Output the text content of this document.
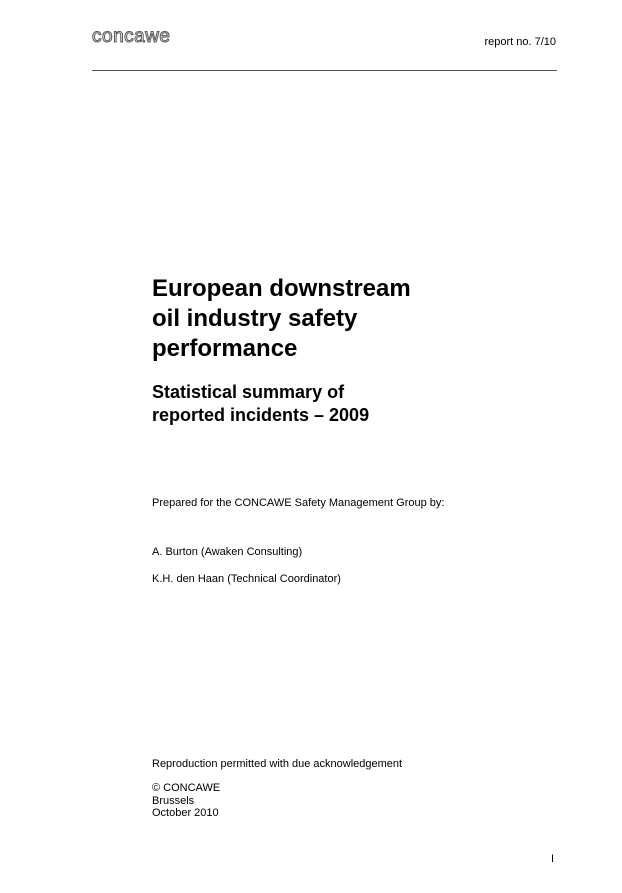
concawe	report no. 7/10
European downstream
oil industry safety
performance
Statistical summary of
reported incidents – 2009
Prepared for the CONCAWE Safety Management Group by:
A. Burton (Awaken Consulting)
K.H. den Haan (Technical Coordinator)
Reproduction permitted with due acknowledgement
© CONCAWE
Brussels
October 2010
I
